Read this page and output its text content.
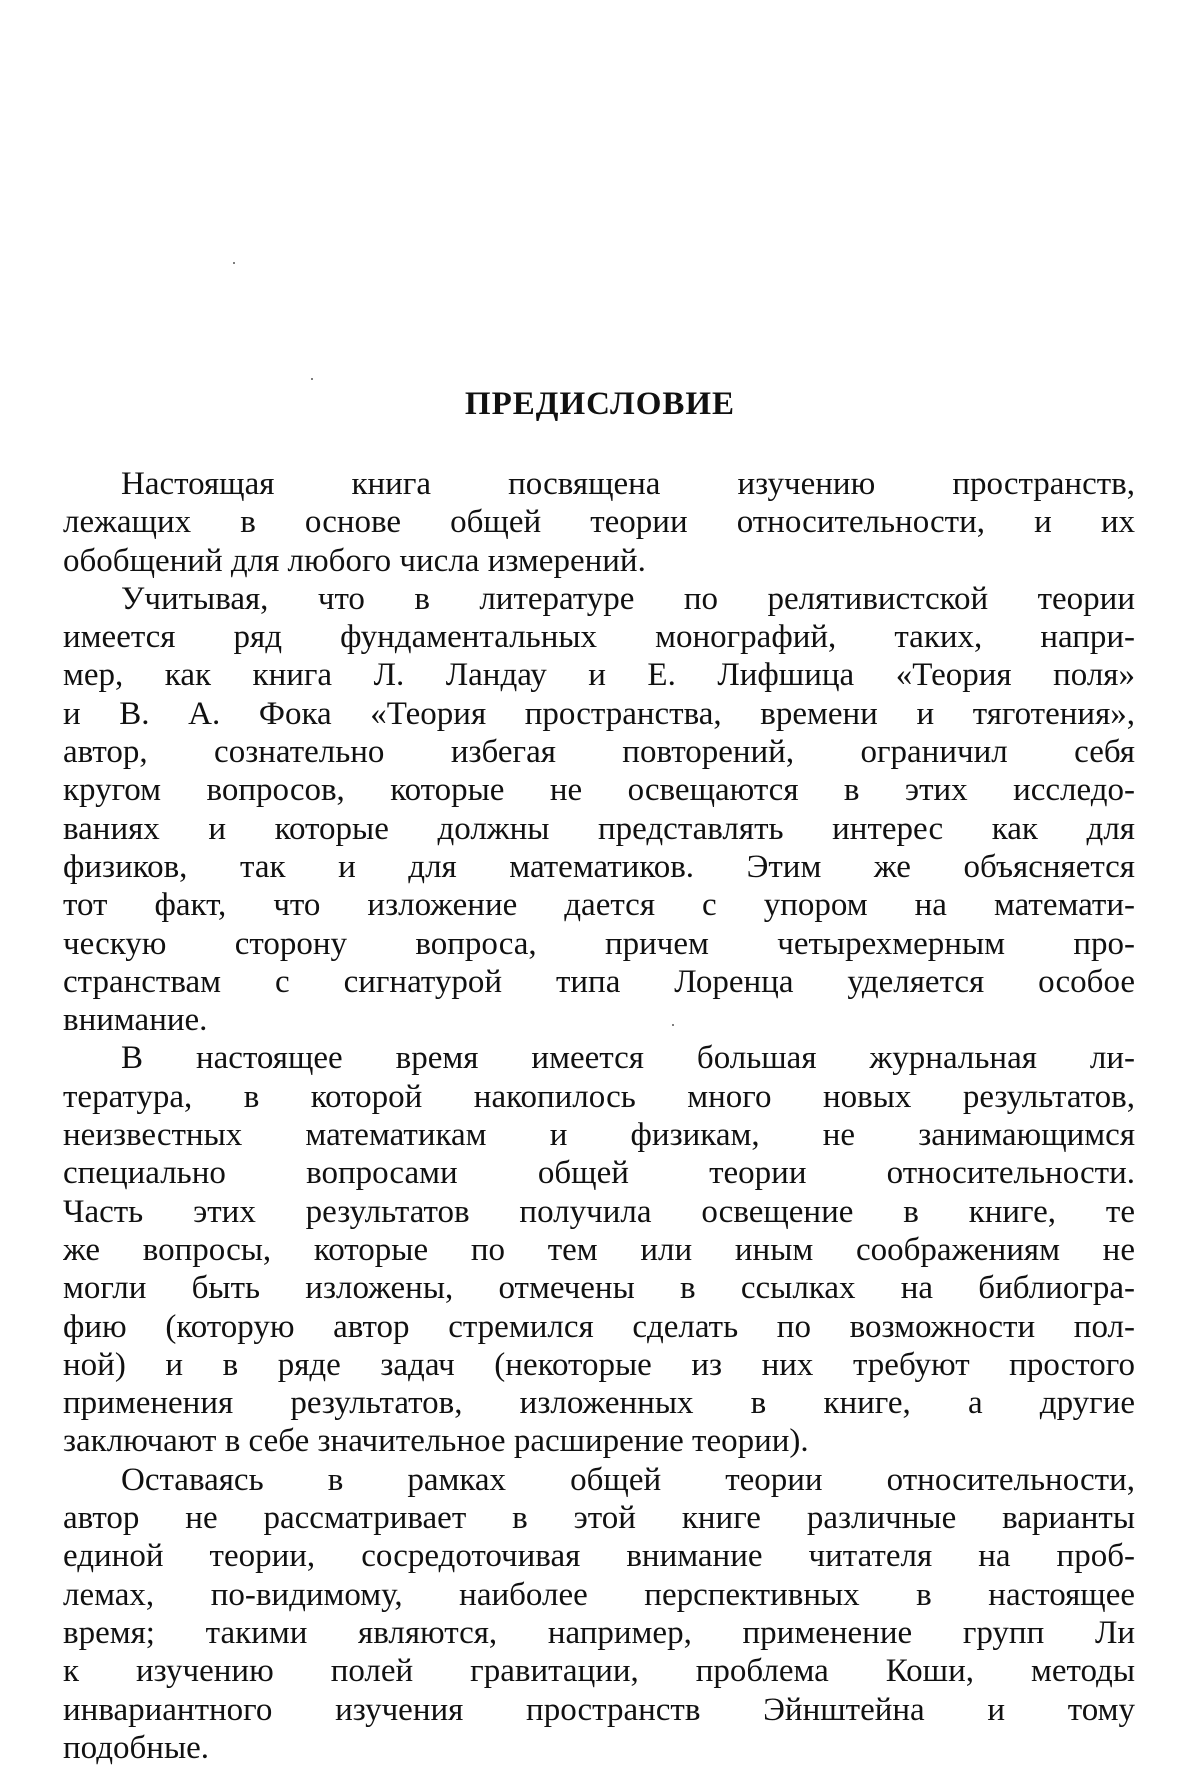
ПРЕДИСЛОВИЕ

Настоящая книга посвящена изучению пространств,
лежащих в основе общей теории относительности, и их
обобщений для любого числа измерений.

Учитывая, что в литературе по релятивистской теории
имеется ряд фундаментальных монографий, таких, напри-
мер, как книга Л. Ландау и Е. Лифшица «Теория поля»
и В. А. Фока «Теория пространства, времени и тяготения»,
автор, сознательно избегая повторений, ограничил себя
кругом вопросов, которые не освещаются в этих исследо-
ваниях и которые должны представлять интерес как для
физиков, так и для математиков. Этим же объясняется
тот факт, что изложение дается с упором на математи-
ческую сторону вопроса, причем четырехмерным про-
странствам с сигнатурой типа Лоренца уделяется особое
внимание.

В настоящее время имеется большая журнальная ли-
тература, в которой накопилось много новых результатов,
неизвестных математикам и физикам, не занимающимся
специально вопросами общей теории относительности.
Часть этих результатов получила освещение в книге, те
же вопросы, которые по тем или иным соображениям не
могли быть изложены, отмечены в ссылках на библиогра-
фию (которую автор стремился сделать по возможности пол-
ной) и в ряде задач (некоторые из них требуют простого
применения результатов, изложенных в книге, а другие
заключают в себе значительное расширение теории).

Оставаясь в рамках общей теории относительности,
автор не рассматривает в этой книге различные варианты
единой теории, сосредоточивая внимание читателя на проб-
лемах, по-видимому, наиболее перспективных в настоящее
время; такими являются, например, применение групп Ли
к изучению полей гравитации, проблема Коши, методы
инвариантного изучения пространств Эйнштейна и тому
подобные.
